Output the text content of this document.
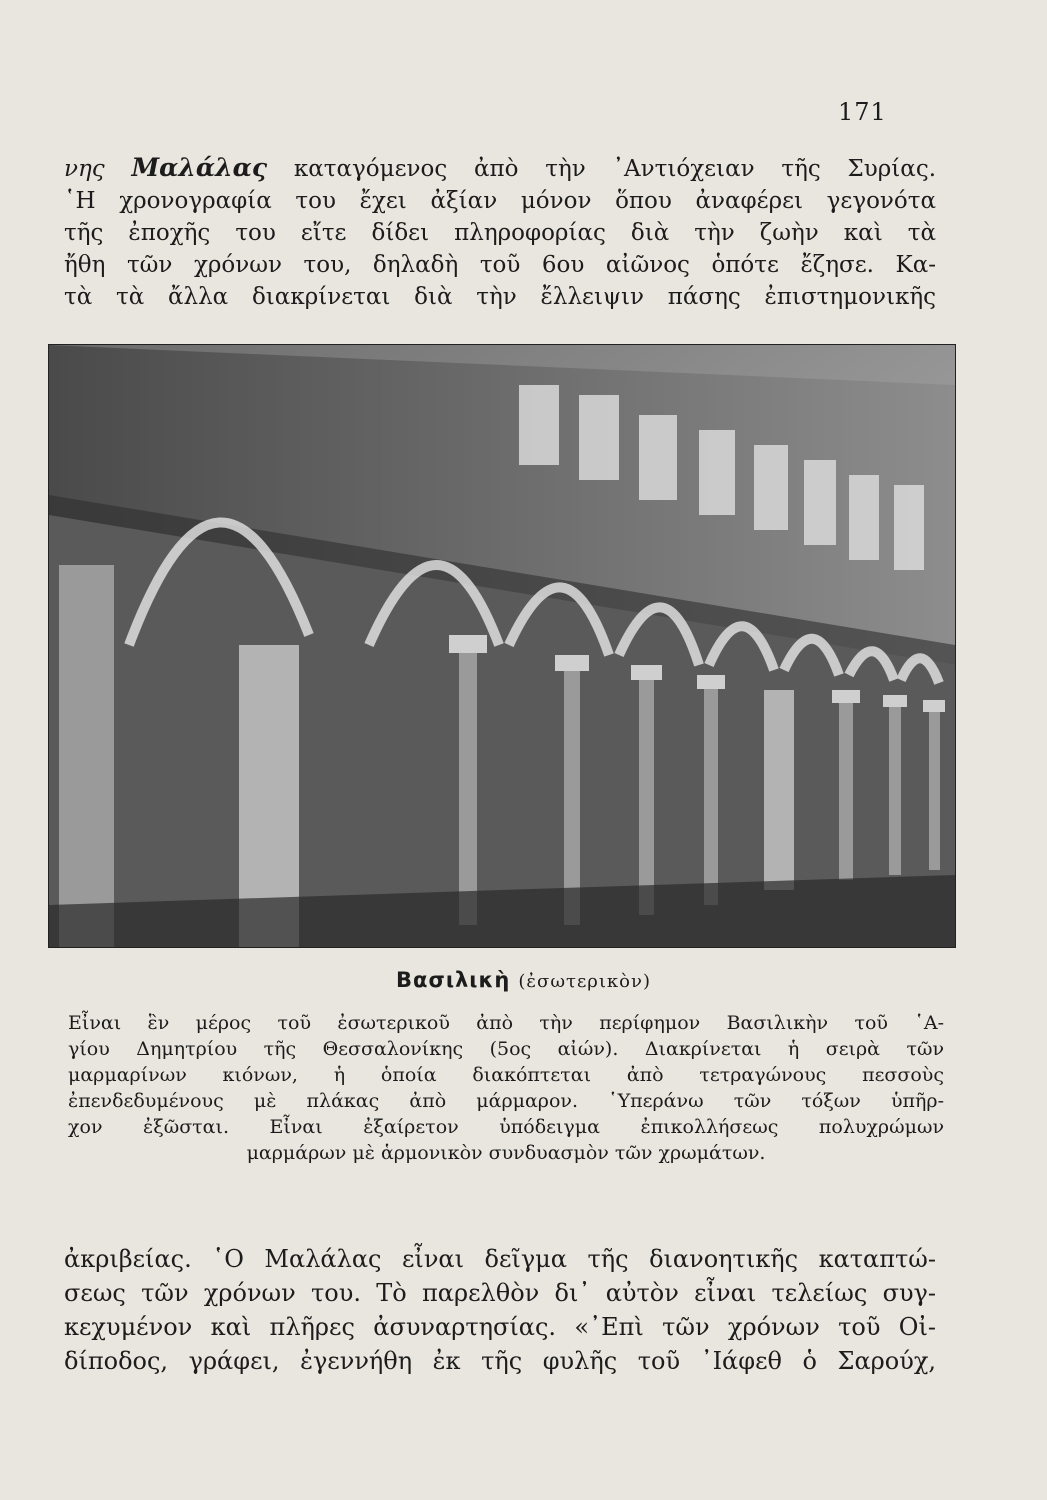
171
νης Μαλάλας καταγόμενος ἀπὸ τὴν ᾿Αντιόχειαν τῆς Συρίας.
῾Η χρονογραφία του ἔχει ἀξίαν μόνον ὅπου ἀναφέρει γεγονότα
τῆς ἐποχῆς του εἴτε δίδει πληροφορίας διὰ τὴν ζωὴν καὶ τὰ
ἤθη τῶν χρόνων του, δηλαδὴ τοῦ 6ου αἰῶνος ὁπότε ἔζησε. Κα-
τὰ τὰ ἄλλα διακρίνεται διὰ τὴν ἔλλειψιν πάσης ἐπιστημονικῆς
Βασιλικὴ (ἐσωτερικὸν)
Εἶναι ἓν μέρος τοῦ ἐσωτερικοῦ ἀπὸ τὴν περίφημον Βασιλικὴν τοῦ ῾Α-
γίου Δημητρίου τῆς Θεσσαλονίκης (5ος αἰών). Διακρίνεται ἡ σειρὰ τῶν
μαρμαρίνων κιόνων, ἡ ὁποία διακόπτεται ἀπὸ τετραγώνους πεσσοὺς
ἐπενδεδυμένους μὲ πλάκας ἀπὸ μάρμαρον. ῾Υπεράνω τῶν τόξων ὑπῆρ-
χον ἐξῶσται. Εἶναι ἐξαίρετον ὑπόδειγμα ἐπικολλήσεως πολυχρώμων
μαρμάρων μὲ ἁρμονικὸν συνδυασμὸν τῶν χρωμάτων.
ἀκριβείας. ῾Ο Μαλάλας εἶναι δεῖγμα τῆς διανοητικῆς καταπτώ-
σεως τῶν χρόνων του. Τὸ παρελθὸν δι᾿ αὐτὸν εἶναι τελείως συγ-
κεχυμένον καὶ πλῆρες ἀσυναρτησίας. «᾿Επὶ τῶν χρόνων τοῦ Οἰ-
δίποδος, γράφει, ἐγεννήθη ἐκ τῆς φυλῆς τοῦ ᾿Ιάφεθ ὁ Σαρούχ,
